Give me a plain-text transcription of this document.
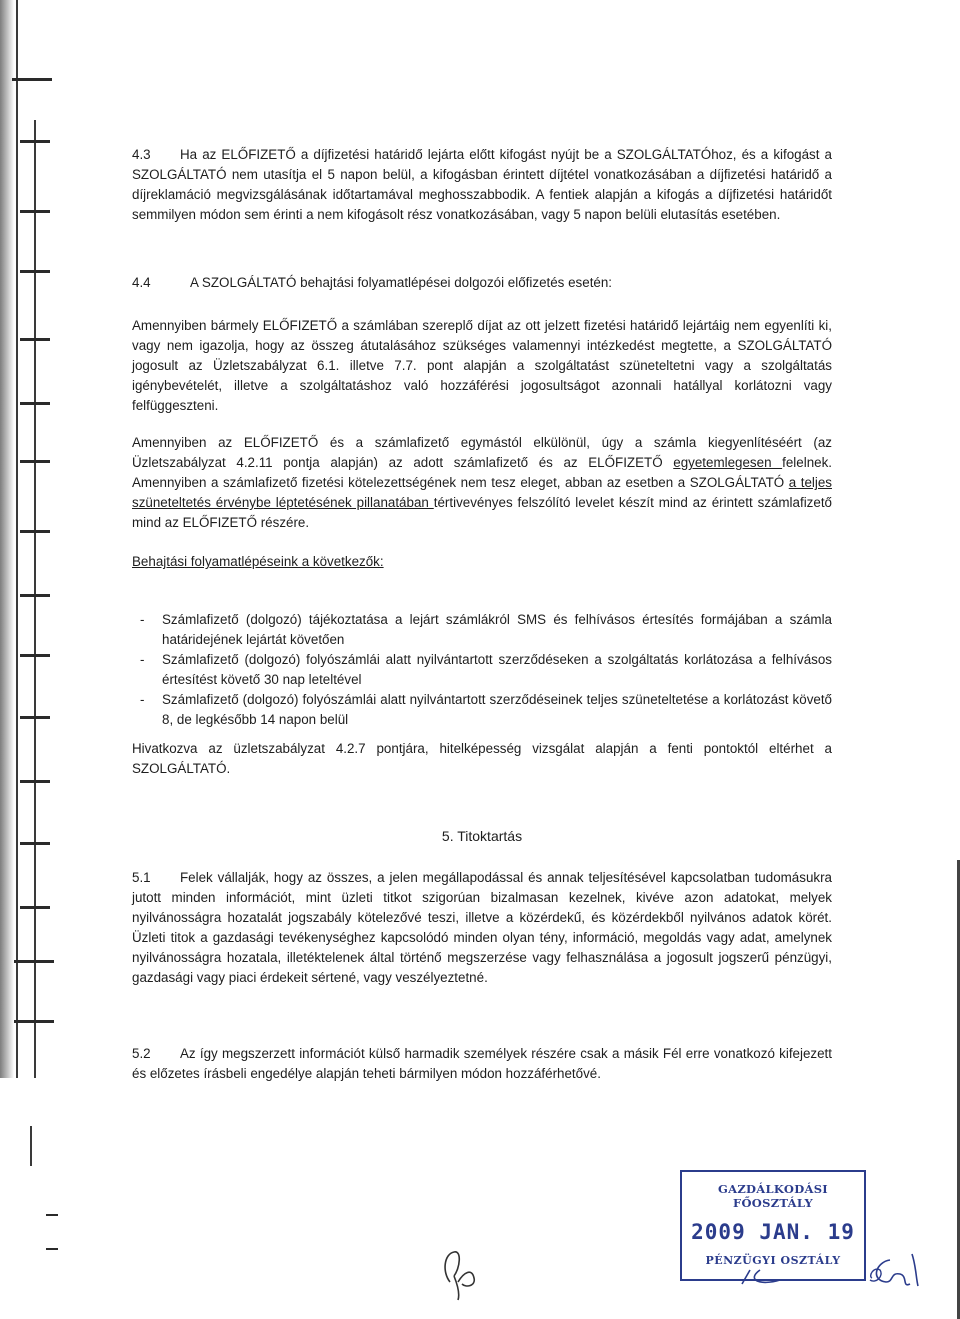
4.3 Ha az ELŐFIZETŐ a díjfizetési határidő lejárta előtt kifogást nyújt be a SZOLGÁLTATÓhoz, és a kifogást a SZOLGÁLTATÓ nem utasítja el 5 napon belül, a kifogásban érintett díjtétel vonatkozásában a díjfizetési határidő a díjreklamáció megvizsgálásának időtartamával meghosszabbodik. A fentiek alapján a kifogás a díjfizetési határidőt semmilyen módon sem érinti a nem kifogásolt rész vonatkozásában, vagy 5 napon belüli elutasítás esetében.

4.4	A SZOLGÁLTATÓ behajtási folyamatlépései dolgozói előfizetés esetén:

Amennyiben bármely ELŐFIZETŐ a számlában szereplő díjat az ott jelzett fizetési határidő lejártáig nem egyenlíti ki, vagy nem igazolja, hogy az összeg átutalásához szükséges valamennyi intézkedést megtette, a SZOLGÁLTATÓ jogosult az Üzletszabályzat 6.1. illetve 7.7. pont alapján a szolgáltatást szüneteltetni vagy a szolgáltatás igénybevételét, illetve a szolgáltatáshoz való hozzáférési jogosultságot azonnali hatállyal korlátozni vagy felfüggeszteni.

Amennyiben az ELŐFIZETŐ és a számlafizető egymástól elkülönül, úgy a számla kiegyenlítéséért (az Üzletszabályzat 4.2.11 pontja alapján) az adott számlafizető és az ELŐFIZETŐ egyetemlegesen felelnek. Amennyiben a számlafizető fizetési kötelezettségének nem tesz eleget, abban az esetben a SZOLGÁLTATÓ a teljes szüneteltetés érvénybe léptetésének pillanatában tértivevényes felszólító levelet készít mind az érintett számlafizető mind az ELŐFIZETŐ részére.

Behajtási folyamatlépéseink a következők:

- Számlafizető (dolgozó) tájékoztatása a lejárt számlákról SMS és felhívásos értesítés formájában a számla határidejének lejártát követően
- Számlafizető (dolgozó) folyószámlái alatt nyilvántartott szerződéseken a szolgáltatás korlátozása a felhívásos értesítést követő 30 nap leteltével
- Számlafizető (dolgozó) folyószámlái alatt nyilvántartott szerződéseinek teljes szüneteltetése a korlátozást követő 8, de legkésőbb 14 napon belül

Hivatkozva az üzletszabályzat 4.2.7 pontjára, hitelképesség vizsgálat alapján a fenti pontoktól eltérhet a SZOLGÁLTATÓ.

5. Titoktartás

5.1 Felek vállalják, hogy az összes, a jelen megállapodással és annak teljesítésével kapcsolatban tudomásukra jutott minden információt, mint üzleti titkot szigorúan bizalmasan kezelnek, kivéve azon adatokat, melyek nyilvánosságra hozatalát jogszabály kötelezővé teszi, illetve a közérdekű, és közérdekből nyilvános adatok körét. Üzleti titok a gazdasági tevékenységhez kapcsolódó minden olyan tény, információ, megoldás vagy adat, amelynek nyilvánosságra hozatala, illetéktelenek által történő megszerzése vagy felhasználása a jogosult jogszerű pénzügyi, gazdasági vagy piaci érdekeit sértené, vagy veszélyeztetné.

5.2 Az így megszerzett információt külső harmadik személyek részére csak a másik Fél erre vonatkozó kifejezett és előzetes írásbeli engedélye alapján teheti bármilyen módon hozzáférhetővé.

GAZDÁLKODÁSI FŐOSZTÁLY
2009 JAN. 19
PÉNZÜGYI OSZTÁLY
